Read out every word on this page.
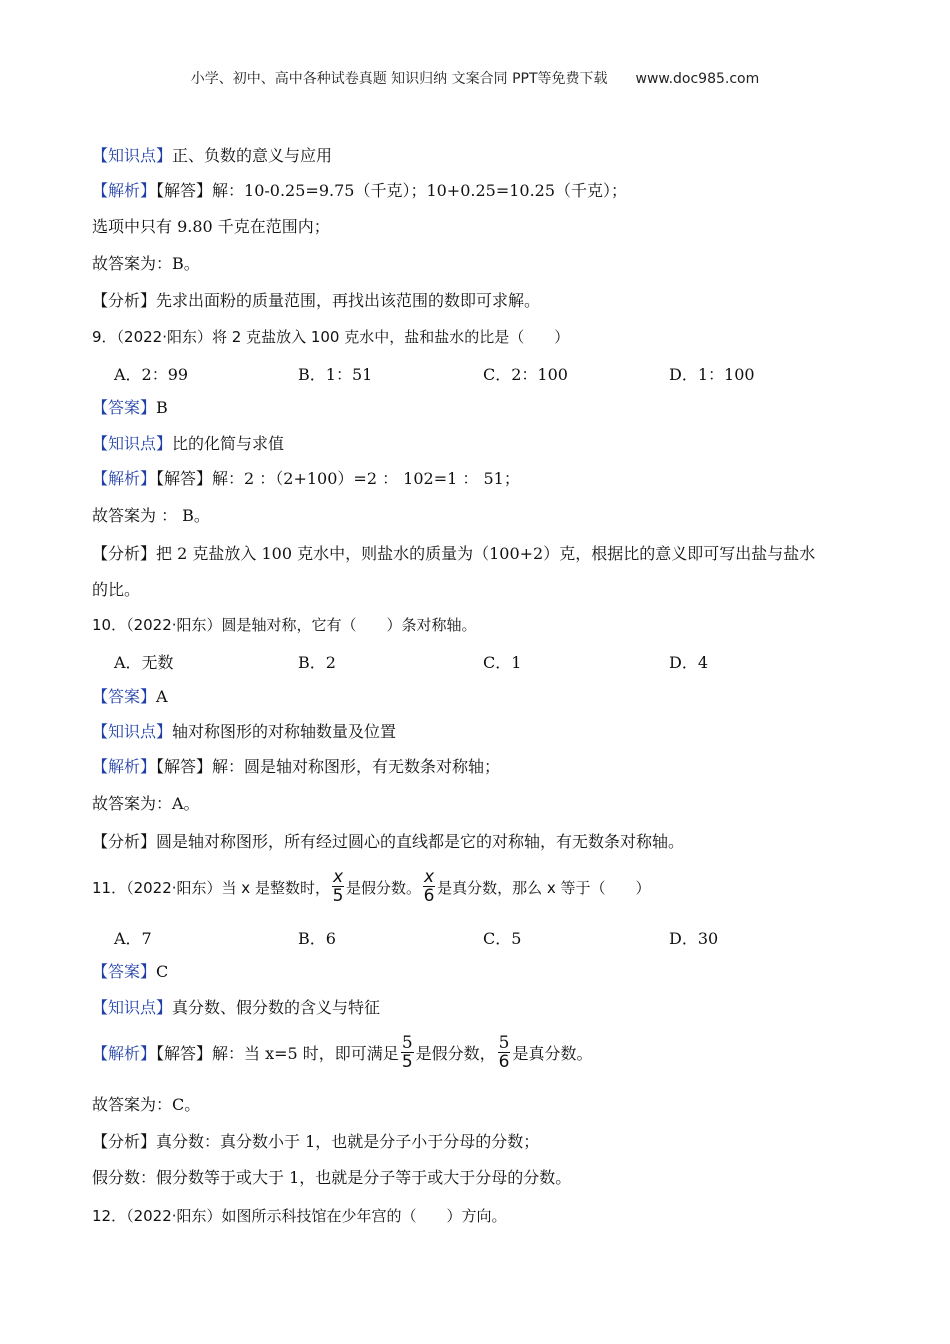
小学、初中、高中各种试卷真题 知识归纳 文案合同 PPT等免费下载 www.doc985.com
【知识点】正、负数的意义与应用
【解析】【解答】解：10-0.25=9.75（千克）；10+0.25=10.25（千克）；
选项中只有 9.80 千克在范围内；
故答案为：B。
【分析】先求出面粉的质量范围，再找出该范围的数即可求解。
9．（2022·阳东）将 2 克盐放入 100 克水中，盐和盐水的比是（　　）
A．2：99	B．1：51	C．2：100	D．1：100
【答案】B
【知识点】比的化简与求值
【解析】【解答】解：2 ：（2+100）=2 ： 102=1 ： 51；
故答案为 ： B。
【分析】把 2 克盐放入 100 克水中，则盐水的质量为（100+2）克，根据比的意义即可写出盐与盐水
的比。
10．（2022·阳东）圆是轴对称，它有（　　）条对称轴。
A．无数	B．2	C．1	D．4
【答案】A
【知识点】轴对称图形的对称轴数量及位置
【解析】【解答】解：圆是轴对称图形，有无数条对称轴；
故答案为：A。
【分析】圆是轴对称图形，所有经过圆心的直线都是它的对称轴，有无数条对称轴。
11．（2022·阳东）当 x 是整数时， $\frac{x}{5}$ 是假分数。 $\frac{x}{6}$ 是真分数，那么 x 等于（　　）
A．7	B．6	C．5	D．30
【答案】C
【知识点】真分数、假分数的含义与特征
【解析】【解答】解：当 x=5 时，即可满足 $\frac{5}{5}$ 是假分数， $\frac{5}{6}$ 是真分数。
故答案为：C。
【分析】真分数：真分数小于 1，也就是分子小于分母的分数；
假分数：假分数等于或大于 1，也就是分子等于或大于分母的分数。
12．（2022·阳东）如图所示科技馆在少年宫的（　　）方向。
